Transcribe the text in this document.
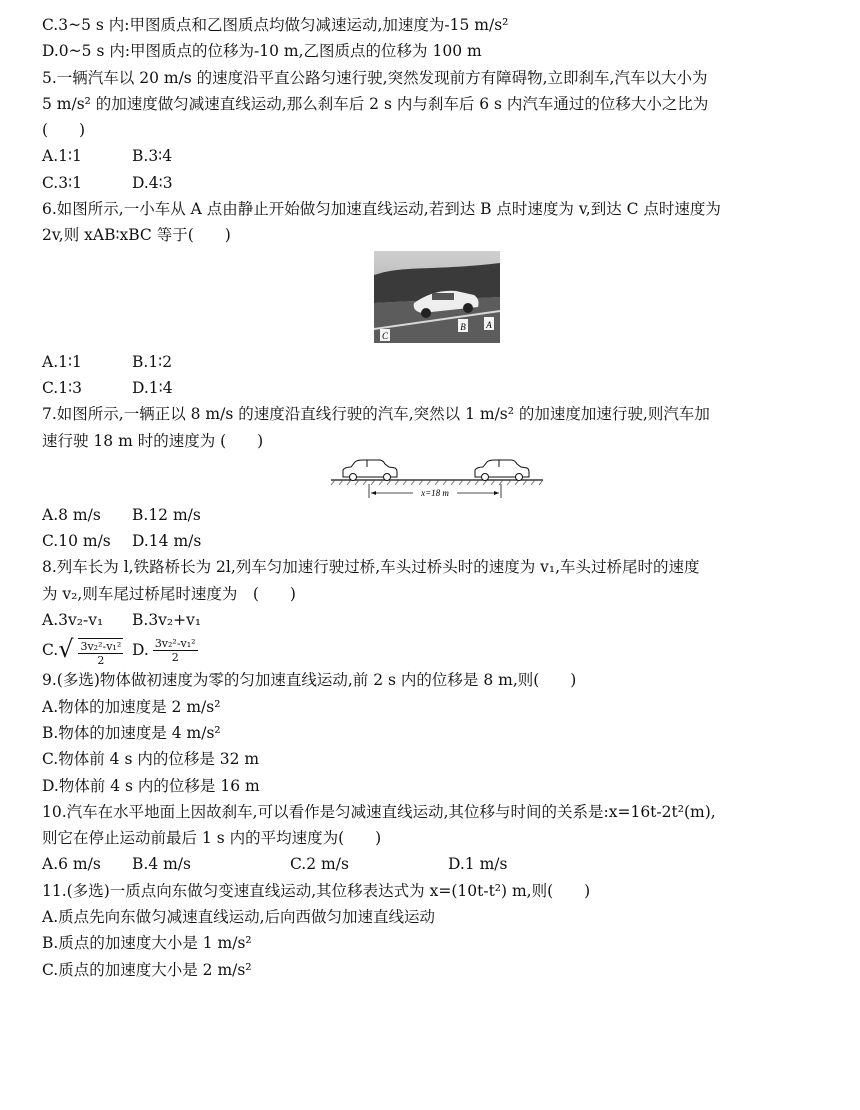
C.3~5 s 内:甲图质点和乙图质点均做匀减速运动,加速度为-15 m/s²
D.0~5 s 内:甲图质点的位移为-10 m,乙图质点的位移为 100 m
5.一辆汽车以 20 m/s 的速度沿平直公路匀速行驶,突然发现前方有障碍物,立即刹车,汽车以大小为
5 m/s² 的加速度做匀减速直线运动,那么刹车后 2 s 内与刹车后 6 s 内汽车通过的位移大小之比为
(　　)
A.1∶1	B.3∶4
C.3∶1	D.4∶3
6.如图所示,一小车从 A 点由静止开始做匀加速直线运动,若到达 B 点时速度为 v,到达 C 点时速度为
2v,则 xAB∶xBC 等于(　　)
A
B
C
A.1∶1	B.1∶2
C.1∶3	D.1∶4
7.如图所示,一辆正以 8 m/s 的速度沿直线行驶的汽车,突然以 1 m/s² 的加速度加速行驶,则汽车加
速行驶 18 m 时的速度为 (　　)
x=18 m
A.8 m/s	B.12 m/s
C.10 m/s	D.14 m/s
8.列车长为 l,铁路桥长为 2l,列车匀加速行驶过桥,车头过桥头时的速度为 v₁,车头过桥尾时的速度
为 v₂,则车尾过桥尾时速度为　(　　)
A.3v₂-v₁	B.3v₂+v₁
C. √ $\frac{\text{3v₂²-v₁²}}{2} D$. $\frac{\text{3v₂²-v₁²}}{2}$
9.(多选)物体做初速度为零的匀加速直线运动,前 2 s 内的位移是 8 m,则(　　)
A.物体的加速度是 2 m/s²
B.物体的加速度是 4 m/s²
C.物体前 4 s 内的位移是 32 m
D.物体前 4 s 内的位移是 16 m
10.汽车在水平地面上因故刹车,可以看作是匀减速直线运动,其位移与时间的关系是:x=16t-2t²(m),
则它在停止运动前最后 1 s 内的平均速度为(　　)
A.6 m/s	B.4 m/s	C.2 m/s	D.1 m/s
11.(多选)一质点向东做匀变速直线运动,其位移表达式为 x=(10t-t²) m,则(　　)
A.质点先向东做匀减速直线运动,后向西做匀加速直线运动
B.质点的加速度大小是 1 m/s²
C.质点的加速度大小是 2 m/s²
